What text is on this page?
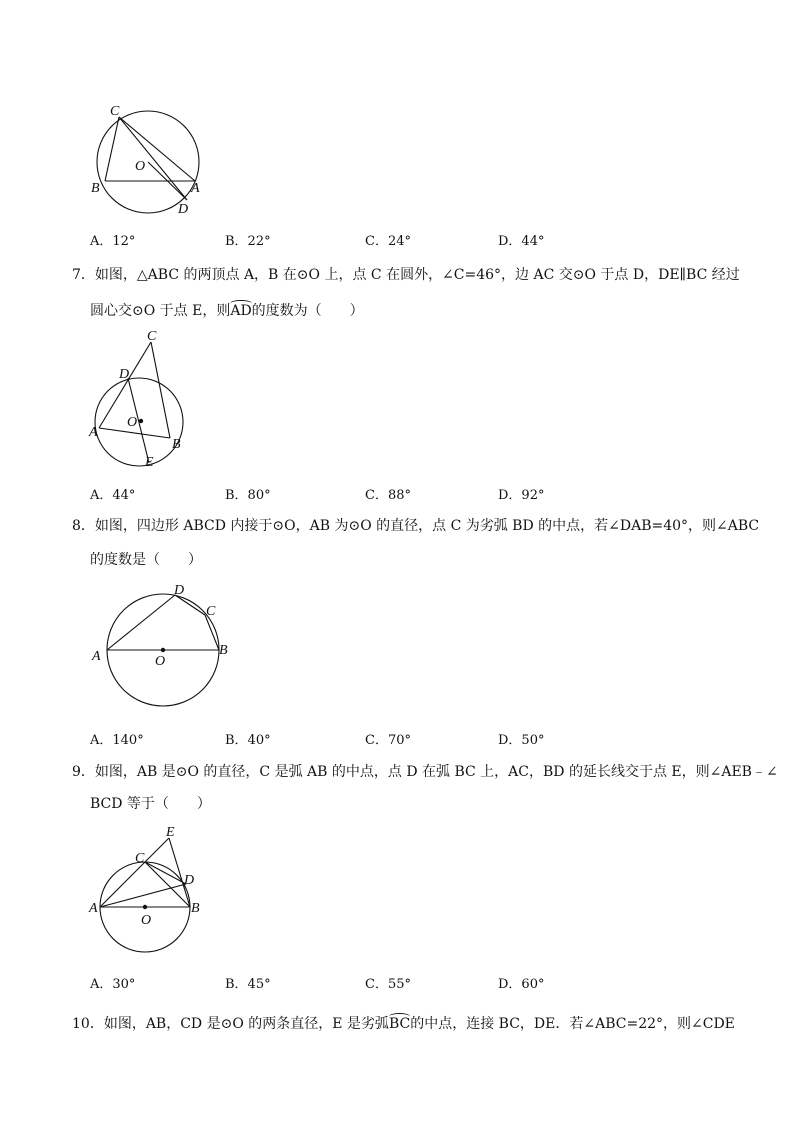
C
O
B	A
D
A．12°	B．22°	C．24°	D．44°
7．如图，△ABC 的两顶点 A，B 在⊙O 上，点 C 在圆外，∠C=46°，边 AC 交⊙O 于点 D，DE∥BC 经过
圆心交⊙O 于点 E，则AD的度数为（　　）
C
D
O
A
B
E
A．44°	B．80°	C．88°	D．92°
8．如图，四边形 ABCD 内接于⊙O，AB 为⊙O 的直径，点 C 为劣弧 BD 的中点，若∠DAB=40°，则∠ABC
的度数是（　　）
D
C
A	O
B
A．140°	B．40°	C．70°	D．50°
9．如图，AB 是⊙O 的直径，C 是弧 AB 的中点，点 D 在弧 BC 上，AC，BD 的延长线交于点 E，则∠AEB﹣∠
BCD 等于（　　）
E
C
D
A
O
B
A．30°	B．45°	C．55°	D．60°
10．如图，AB，CD 是⊙O 的两条直径，E 是劣弧BC的中点，连接 BC，DE．若∠ABC=22°，则∠CDE
